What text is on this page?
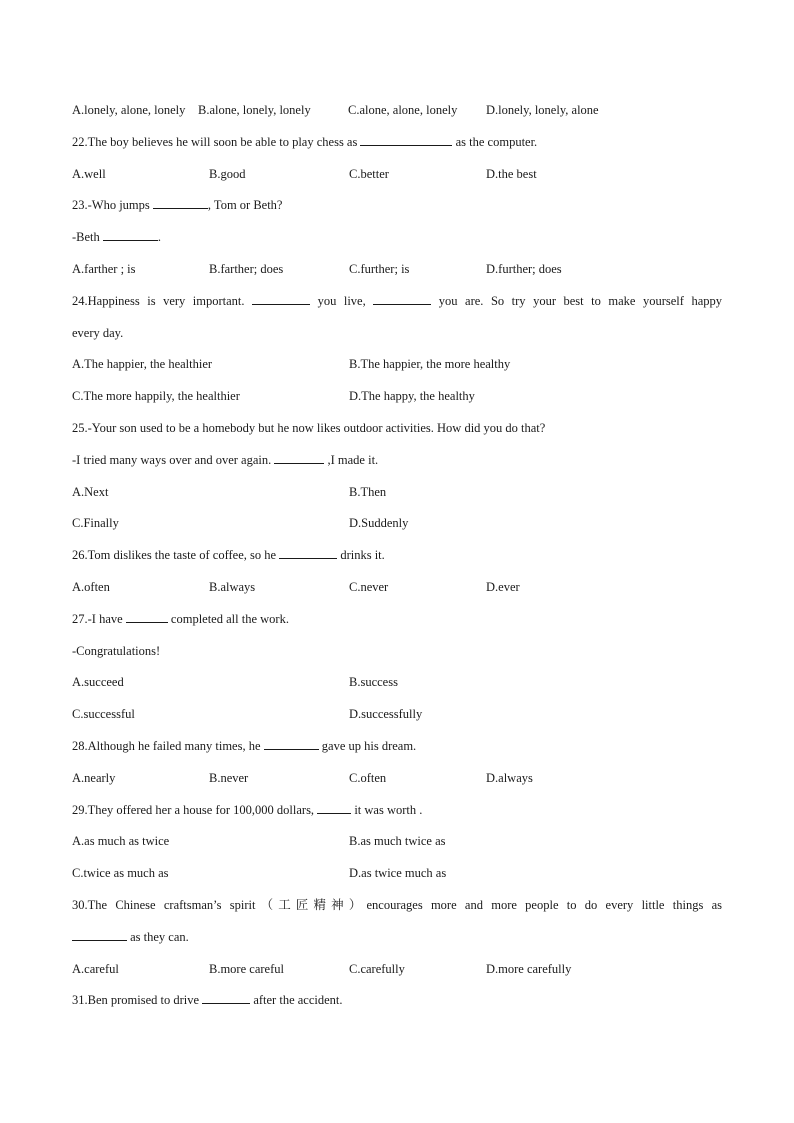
A.lonely, alone, lonely B.alone, lonely, lonely	C.alone, alone, lonely D.lonely, lonely, alone
22.The boy believes he will soon be able to play chess as	as the computer.
A.well	B.good	C.better	D.the best
23.-Who jumps	, Tom or Beth?
-Beth	.
A.farther ; is	B.farther; does	C.further; is	D.further; does
24.Happiness is very important.	you live,	you are. So try your best to make yourself happy
every day.
A.The happier, the healthier	B.The happier, the more healthy
C.The more happily, the healthier	D.The happy, the healthy
25.-Your son used to be a homebody but he now likes outdoor activities. How did you do that?
-I tried many ways over and over again.	,I made it.
A.Next	B.Then
C.Finally	D.Suddenly
26.Tom dislikes the taste of coffee, so he	drinks it.
A.often	B.always	C.never	D.ever
27.-I have	completed all the work.
-Congratulations!
A.succeed	B.success
C.successful	D.successfully
28.Although he failed many times, he	gave up his dream.
A.nearly	B.never	C.often	D.always
29.They offered her a house for 100,000 dollars,	it was worth .
A.as much as twice	B.as much twice as
C.twice as much as	D.as twice much as
30.The Chinese craftsman’s spirit（工匠精神）encourages more and more people to do every little things as
as they can.
A.careful	B.more careful	C.carefully	D.more carefully
31.Ben promised to drive	after the accident.
